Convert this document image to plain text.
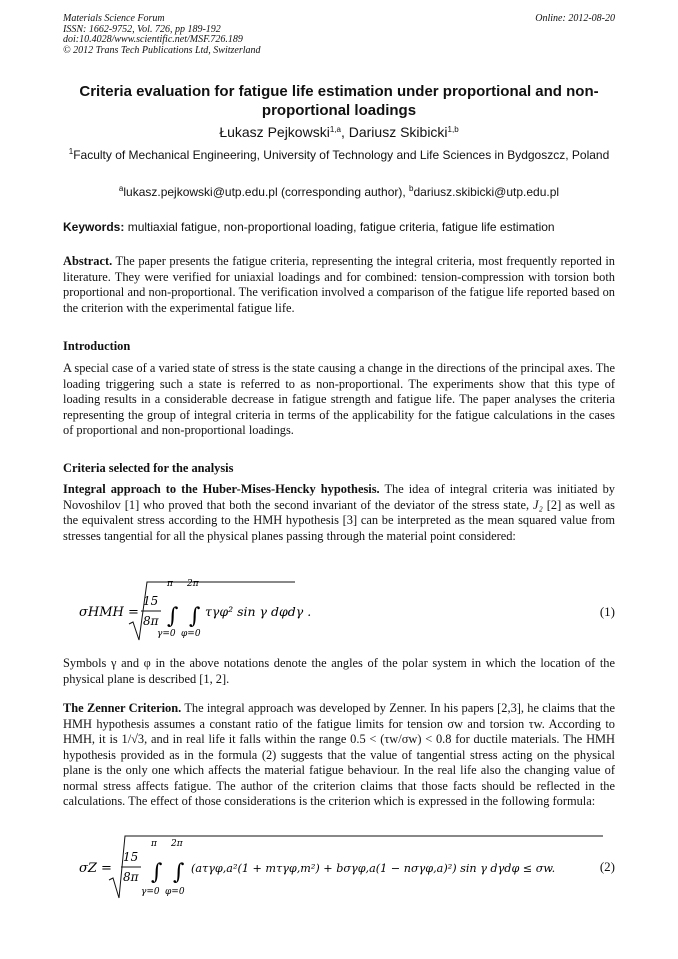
Materials Science Forum
ISSN: 1662-9752, Vol. 726, pp 189-192
doi:10.4028/www.scientific.net/MSF.726.189
© 2012 Trans Tech Publications Ltd, Switzerland
Online: 2012-08-20
Criteria evaluation for fatigue life estimation under proportional and non-proportional loadings
Łukasz Pejkowski$^{1,a}$, Dariusz Skibicki$^{1,b}$
$^1$Faculty of Mechanical Engineering, University of Technology and Life Sciences in Bydgoszcz, Poland
$^a$lukasz.pejkowski@utp.edu.pl (corresponding author), $^b$dariusz.skibicki@utp.edu.pl
Keywords: multiaxial fatigue, non-proportional loading, fatigue criteria, fatigue life estimation
Abstract. The paper presents the fatigue criteria, representing the integral criteria, most frequently reported in literature. They were verified for uniaxial loadings and for combined: tension-compression with torsion both proportional and non-proportional. The verification involved a comparison of the fatigue life reported based on the criterion with the experimental fatigue life.
Introduction
A special case of a varied state of stress is the state causing a change in the directions of the principal axes. The loading triggering such a state is referred to as non-proportional. The experiments show that this type of loading results in a considerable decrease in fatigue strength and fatigue life. The paper analyses the criteria representing the group of integral criteria in terms of the applicability for the fatigue calculations in the cases of proportional and non-proportional loadings.
Criteria selected for the analysis
Integral approach to the Huber-Mises-Hencky hypothesis. The idea of integral criteria was initiated by Novoshilov [1] who proved that both the second invariant of the deviator of the stress state, J₂ [2] as well as the equivalent stress according to the HMH hypothesis [3] can be interpreted as the mean squared value from stresses tangential for all the physical planes passing through the material point considered:
σHMH =
15
8π
π 2π
∫ ∫
γ=0 φ=0
τγφ² sin γ dφdγ .	(1)
Symbols γ and φ in the above notations denote the angles of the polar system in which the location of the physical plane is described [1, 2].
The Zenner Criterion. The integral approach was developed by Zenner. In his papers [2,3], he claims that the HMH hypothesis assumes a constant ratio of the fatigue limits for tension σw and torsion τw. According to HMH, it is 1/√3, and in real life it falls within the range 0.5 < (τw/σw) < 0.8 for ductile materials. The HMH hypothesis provided as in the formula (2) suggests that the value of tangential stress acting on the physical plane is the only one which affects the material fatigue behaviour. In the real life also the changing value of normal stress affects fatigue. The author of the criterion claims that those facts should be reflected in the calculations. The effect of those considerations is the criterion which is expressed in the following formula:
σZ =
15
8π
π 2π
∫ ∫
γ=0 φ=0
(aτγφ,a²(1 + mτγφ,m²) + bσγφ,a(1 − nσγφ,a)²) sin γ dγdφ ≤ σw.	(2)
